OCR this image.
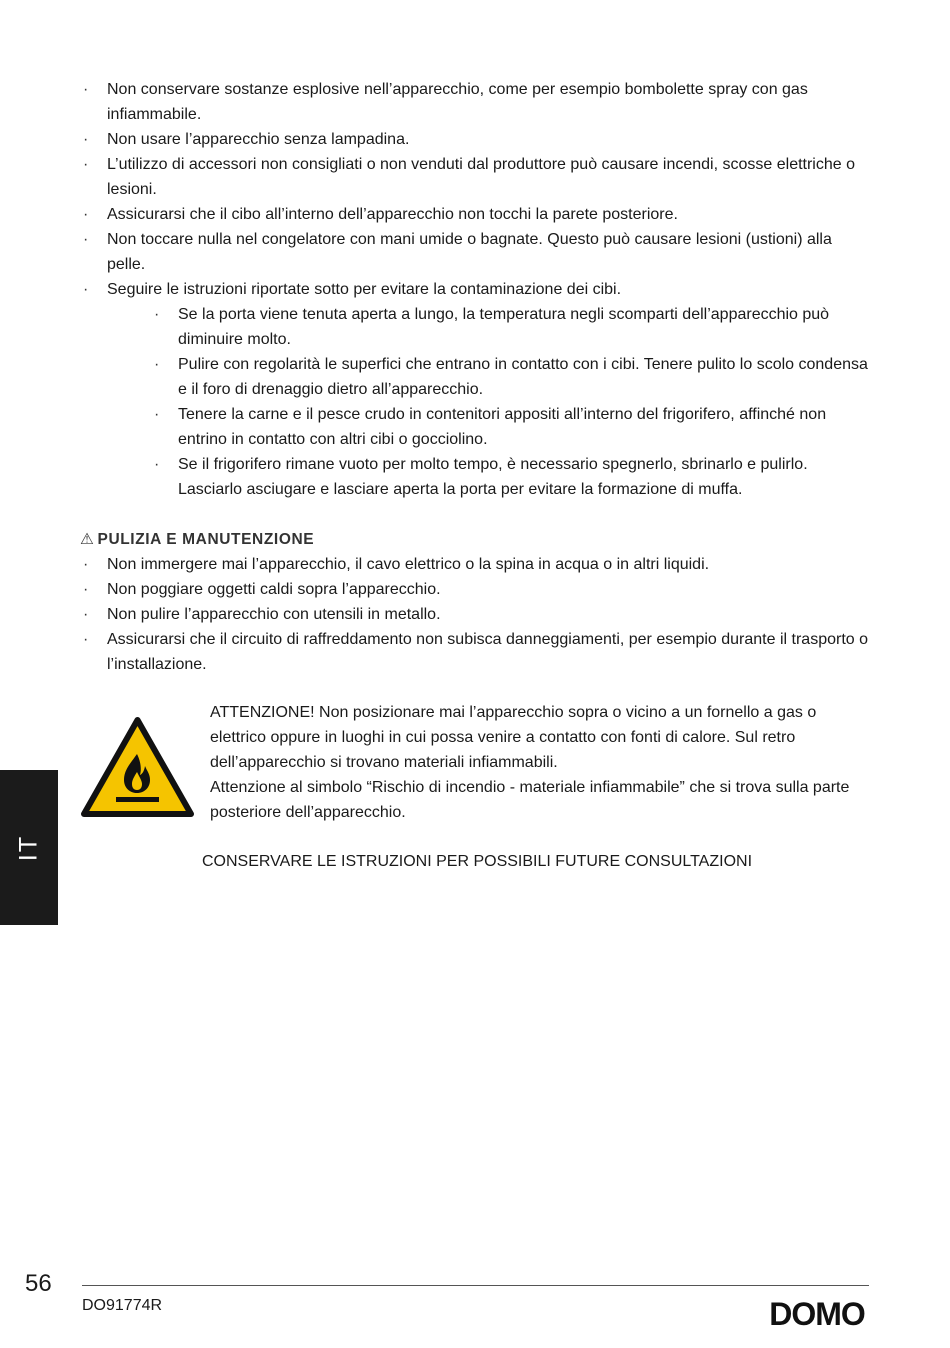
· Non conservare sostanze esplosive nell’apparecchio, come per esempio bombolette spray con gas infiammabile.
· Non usare l’apparecchio senza lampadina.
· L’utilizzo di accessori non consigliati o non venduti dal produttore può causare incendi, scosse elettriche o lesioni.
· Assicurarsi che il cibo all’interno dell’apparecchio non tocchi la parete posteriore.
· Non toccare nulla nel congelatore con mani umide o bagnate. Questo può causare lesioni (ustioni) alla pelle.
· Seguire le istruzioni riportate sotto per evitare la contaminazione dei cibi.
· Se la porta viene tenuta aperta a lungo, la temperatura negli scomparti dell’apparecchio può diminuire molto.
· Pulire con regolarità le superfici che entrano in contatto con i cibi. Tenere pulito lo scolo condensa e il foro di drenaggio dietro all’apparecchio.
· Tenere la carne e il pesce crudo in contenitori appositi all’interno del frigorifero, affinché non entrino in contatto con altri cibi o gocciolino.
· Se il frigorifero rimane vuoto per molto tempo, è necessario spegnerlo, sbrinarlo e pulirlo. Lasciarlo asciugare e lasciare aperta la porta per evitare la formazione di muffa.
⚠ PULIZIA E MANUTENZIONE
· Non immergere mai l’apparecchio, il cavo elettrico o la spina in acqua o in altri liquidi.
· Non poggiare oggetti caldi sopra l’apparecchio.
· Non pulire l’apparecchio con utensili in metallo.
· Assicurarsi che il circuito di raffreddamento non subisca danneggiamenti, per esempio durante il trasporto o l’installazione.
ATTENZIONE! Non posizionare mai l’apparecchio sopra o vicino a un fornello a gas o elettrico oppure in luoghi in cui possa venire a contatto con fonti di calore. Sul retro dell’apparecchio si trovano materiali infiammabili.
Attenzione al simbolo “Rischio di incendio - materiale infiammabile” che si trova sulla parte posteriore dell’apparecchio.
CONSERVARE LE ISTRUZIONI PER POSSIBILI FUTURE CONSULTAZIONI
IT
56
DO91774R	DOMO
